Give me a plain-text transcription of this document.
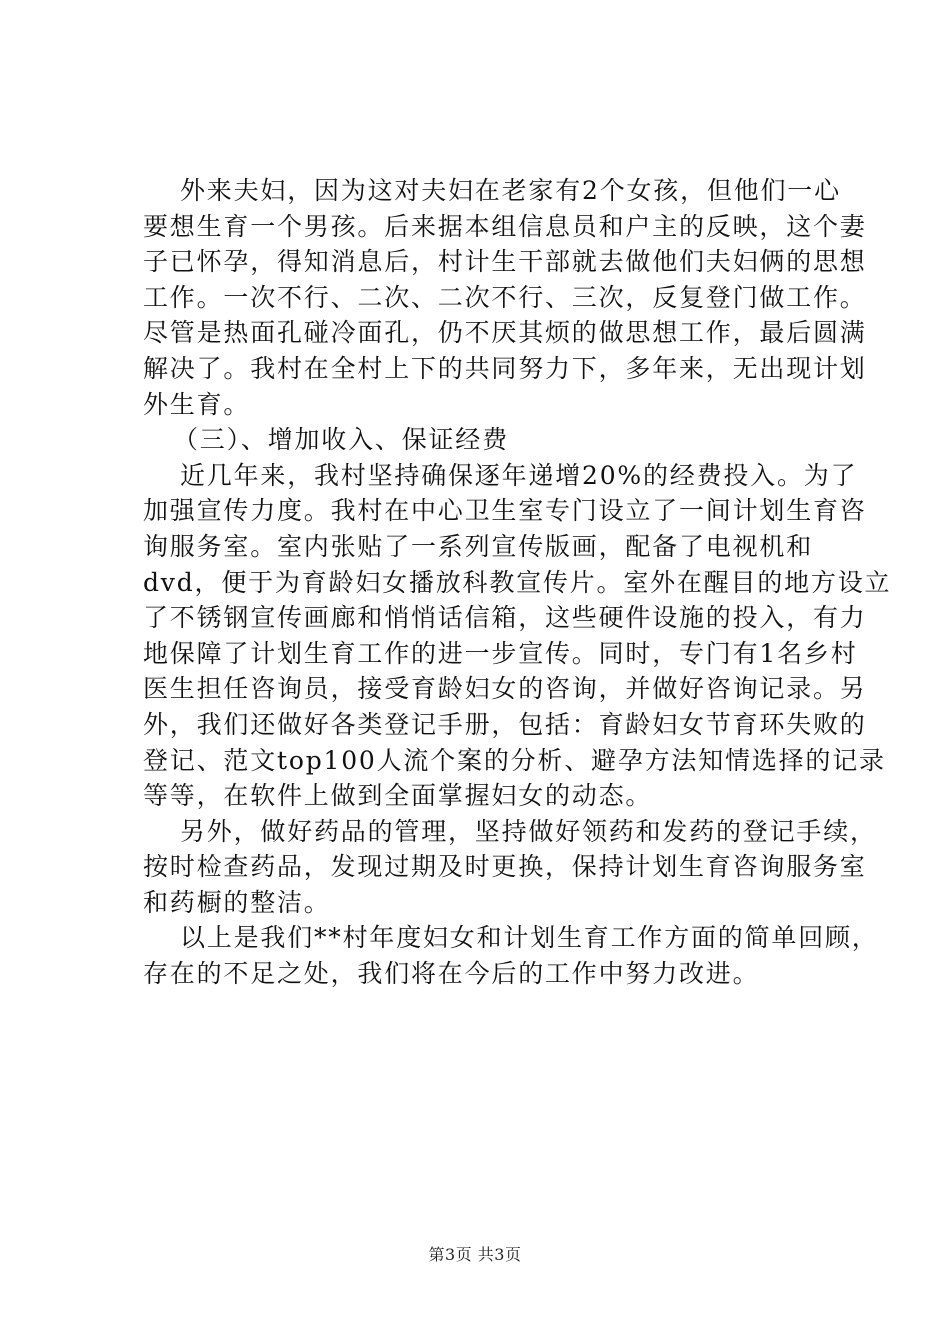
外来夫妇，因为这对夫妇在老家有2个女孩，但他们一心
要想生育一个男孩。后来据本组信息员和户主的反映，这个妻
子已怀孕，得知消息后，村计生干部就去做他们夫妇俩的思想
工作。一次不行、二次、二次不行、三次，反复登门做工作。
尽管是热面孔碰冷面孔，仍不厌其烦的做思想工作，最后圆满
解决了。我村在全村上下的共同努力下，多年来，无出现计划
外生育。
（三）、增加收入、保证经费
近几年来，我村坚持确保逐年递增20%的经费投入。为了
加强宣传力度。我村在中心卫生室专门设立了一间计划生育咨
询服务室。室内张贴了一系列宣传版画，配备了电视机和
dvd，便于为育龄妇女播放科教宣传片。室外在醒目的地方设立
了不锈钢宣传画廊和悄悄话信箱，这些硬件设施的投入，有力
地保障了计划生育工作的进一步宣传。同时，专门有1名乡村
医生担任咨询员，接受育龄妇女的咨询，并做好咨询记录。另
外，我们还做好各类登记手册，包括：育龄妇女节育环失败的
登记、范文top100人流个案的分析、避孕方法知情选择的记录
等等，在软件上做到全面掌握妇女的动态。
另外，做好药品的管理，坚持做好领药和发药的登记手续，
按时检查药品，发现过期及时更换，保持计划生育咨询服务室
和药橱的整洁。
以上是我们**村年度妇女和计划生育工作方面的简单回顾，
存在的不足之处，我们将在今后的工作中努力改进。
第3页 共3页
